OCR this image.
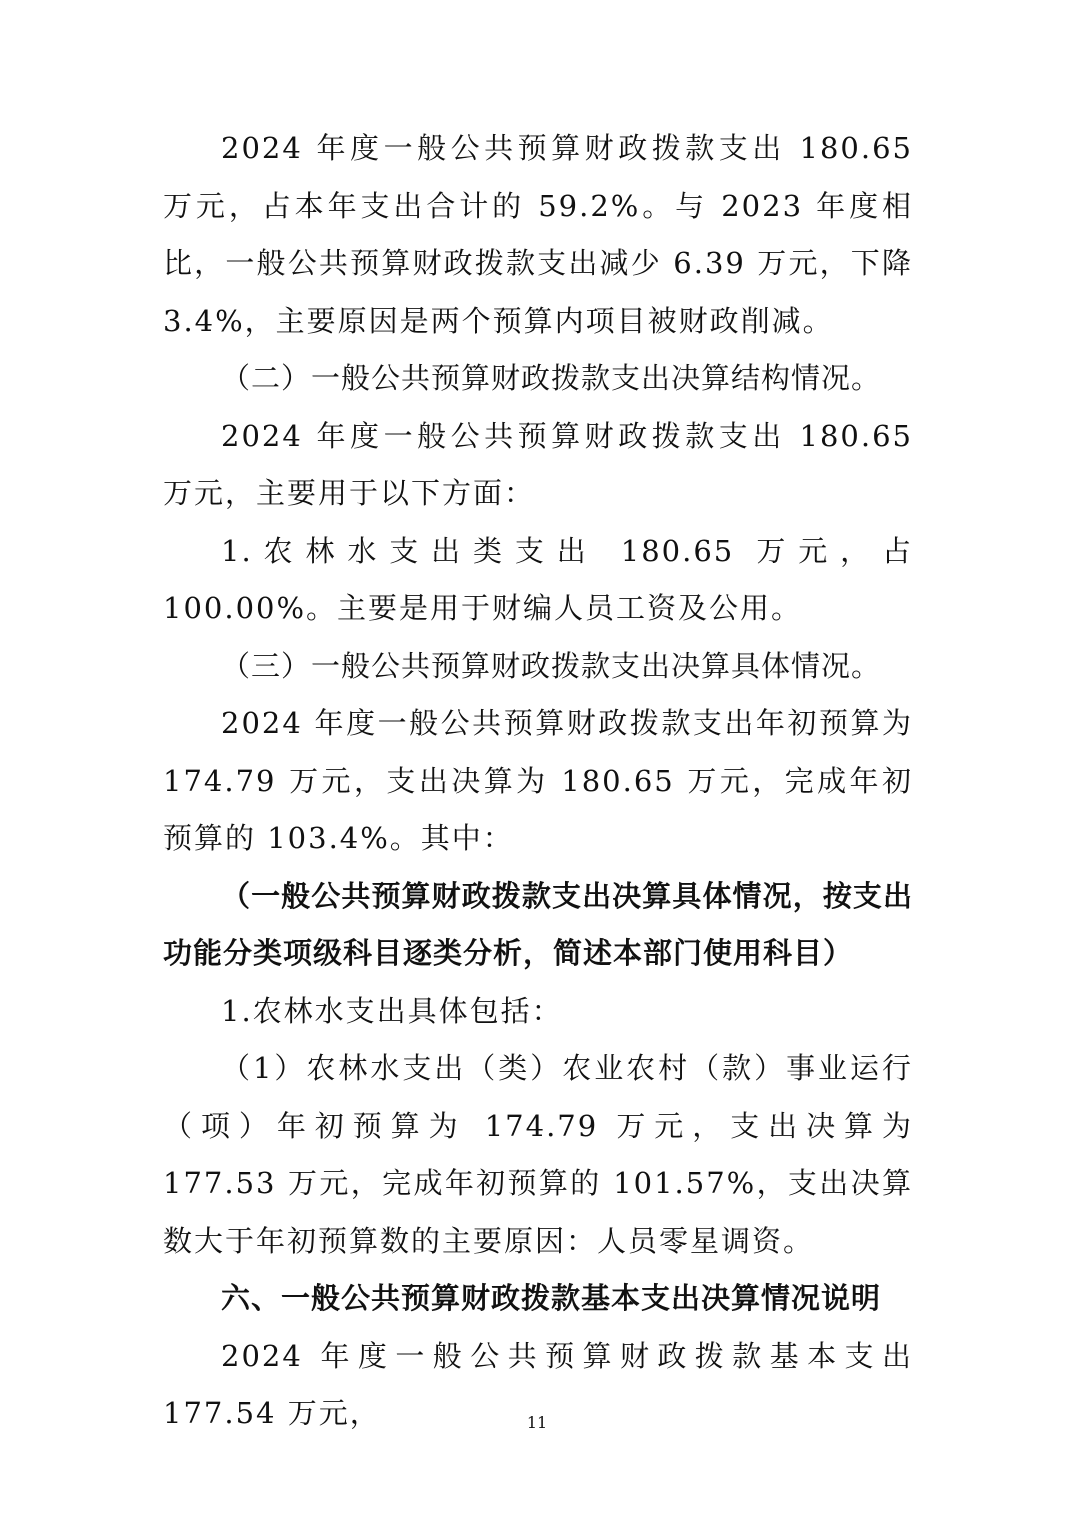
2024 年度一般公共预算财政拨款支出 180.65 万元，占本年支出合计的 59.2%。与 2023 年度相比，一般公共预算财政拨款支出减少 6.39 万元，下降 3.4%，主要原因是两个预算内项目被财政削减。

（二）一般公共预算财政拨款支出决算结构情况。

2024 年度一般公共预算财政拨款支出 180.65 万元，主要用于以下方面：

1.农林水支出类支出 180.65 万元，占 100.00%。主要是用于财编人员工资及公用。

（三）一般公共预算财政拨款支出决算具体情况。

2024 年度一般公共预算财政拨款支出年初预算为 174.79 万元，支出决算为 180.65 万元，完成年初预算的 103.4%。其中：

（一般公共预算财政拨款支出决算具体情况，按支出功能分类项级科目逐类分析，简述本部门使用科目）

1.农林水支出具体包括：

（1）农林水支出（类）农业农村（款）事业运行（项）年初预算为 174.79 万元，支出决算为 177.53 万元，完成年初预算的 101.57%，支出决算数大于年初预算数的主要原因：人员零星调资。

六、一般公共预算财政拨款基本支出决算情况说明

2024 年度一般公共预算财政拨款基本支出 177.54 万元，	11
